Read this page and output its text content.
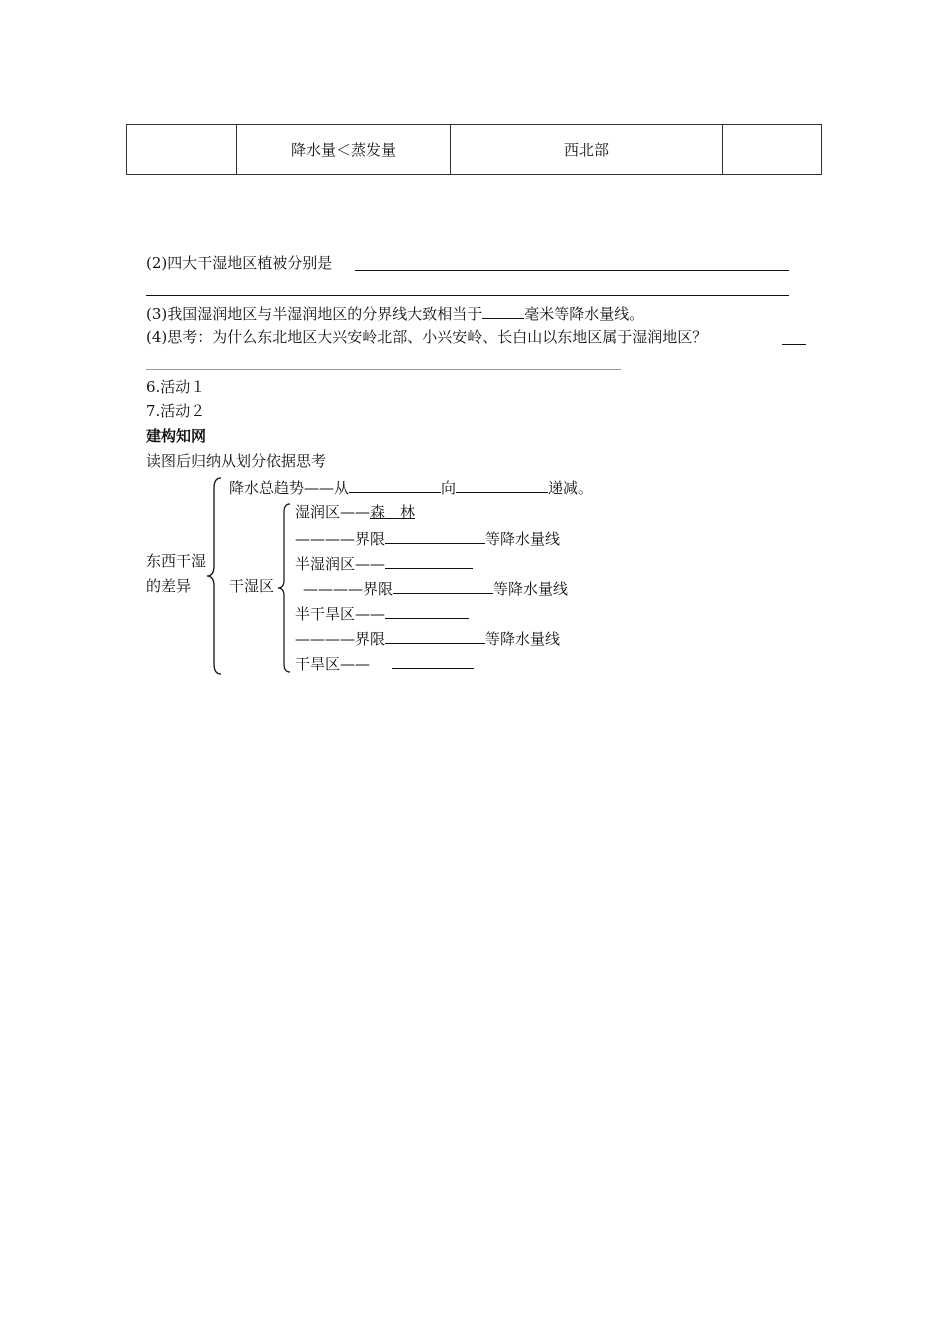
	降水量＜蒸发量	西北部	
(2)四大干湿地区植被分别是
(3)我国湿润地区与半湿润地区的分界线大致相当于	毫米等降水量线。
(4)思考：为什么东北地区大兴安岭北部、小兴安岭、长白山以东地区属于湿润地区？
6.活动１
7.活动２
建构知网
读图后归纳从划分依据思考
东西干湿
的差异
降水总趋势——从	向	递减。
干湿区
湿润区——森　林
————界限	等降水量线
半湿润区——
————界限	等降水量线
半干旱区——
————界限	等降水量线
干旱区——
